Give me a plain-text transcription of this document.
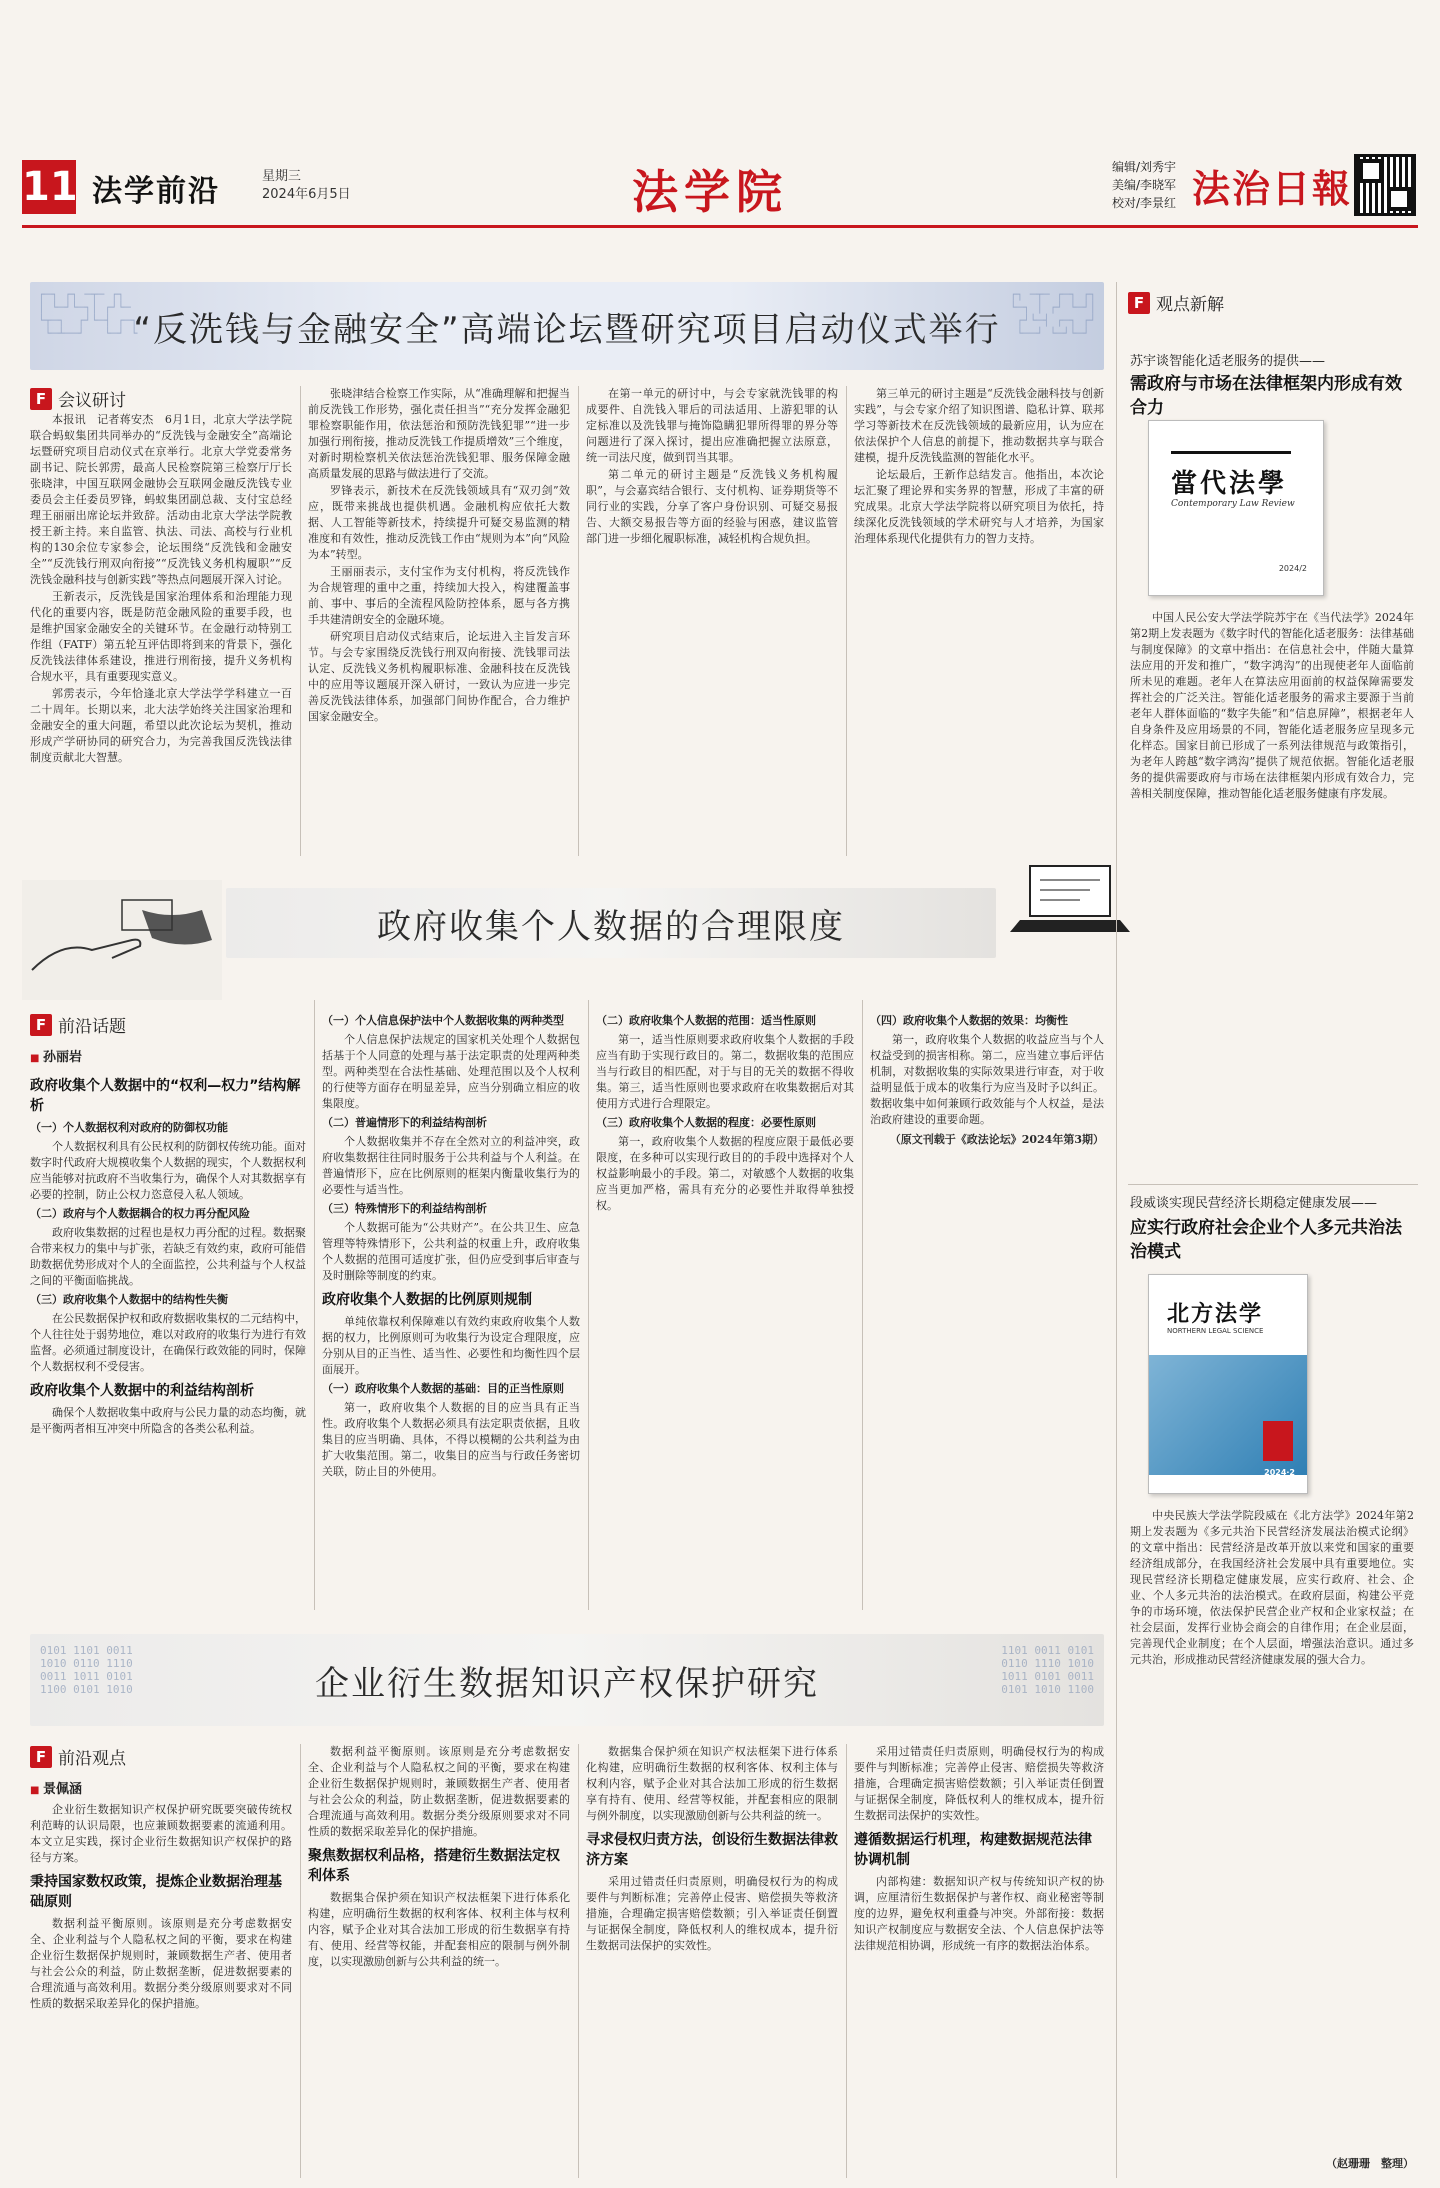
11 法学前沿	星期三
2024年6月5日	法学院	编辑/刘秀宇
美编/李晓军
校对/李景红 法治日報
┌─┐ ┌┐ ─┬─ ┌┐
│ └─┘└─┐│ ┌┘└─
└┬─┐  ┌┘└─┤ ┌─┐
└─┴──┘   └─┘ └
┌┐ ─┬─ ┌─┐ ┌┐
└─┐ │ ┌┘ └─┘│
┌┘└─┤ ┌─┐ ┌┘
└──┘ └─┘└─┘
“反洗钱与金融安全”高端论坛暨研究项目启动仪式举行
F 会议研讨

本报讯　记者蒋安杰　6月1日，北京大学法学院联合蚂蚁集团共同举办的“反洗钱与金融安全”高端论坛暨研究项目启动仪式在京举行。北京大学党委常务副书记、院长郭雳，最高人民检察院第三检察厅厅长张晓津，中国互联网金融协会互联网金融反洗钱专业委员会主任委员罗锋，蚂蚁集团副总裁、支付宝总经理王丽丽出席论坛并致辞。活动由北京大学法学院教授王新主持。来自监管、执法、司法、高校与行业机构的130余位专家参会，论坛围绕“反洗钱和金融安全”“反洗钱行刑双向衔接”“反洗钱义务机构履职”“反洗钱金融科技与创新实践”等热点问题展开深入讨论。

王新表示，反洗钱是国家治理体系和治理能力现代化的重要内容，既是防范金融风险的重要手段，也是维护国家金融安全的关键环节。在金融行动特别工作组（FATF）第五轮互评估即将到来的背景下，强化反洗钱法律体系建设，推进行刑衔接，提升义务机构合规水平，具有重要现实意义。

郭雳表示，今年恰逢北京大学法学学科建立一百二十周年。长期以来，北大法学始终关注国家治理和金融安全的重大问题，希望以此次论坛为契机，推动形成产学研协同的研究合力，为完善我国反洗钱法律制度贡献北大智慧。

张晓津结合检察工作实际，从“准确理解和把握当前反洗钱工作形势，强化责任担当”“充分发挥金融犯罪检察职能作用，依法惩治和预防洗钱犯罪”“进一步加强行刑衔接，推动反洗钱工作提质增效”三个维度，对新时期检察机关依法惩治洗钱犯罪、服务保障金融高质量发展的思路与做法进行了交流。

罗锋表示，新技术在反洗钱领域具有“双刃剑”效应，既带来挑战也提供机遇。金融机构应依托大数据、人工智能等新技术，持续提升可疑交易监测的精准度和有效性，推动反洗钱工作由“规则为本”向“风险为本”转型。

王丽丽表示，支付宝作为支付机构，将反洗钱作为合规管理的重中之重，持续加大投入，构建覆盖事前、事中、事后的全流程风险防控体系，愿与各方携手共建清朗安全的金融环境。

研究项目启动仪式结束后，论坛进入主旨发言环节。与会专家围绕反洗钱行刑双向衔接、洗钱罪司法认定、反洗钱义务机构履职标准、金融科技在反洗钱中的应用等议题展开深入研讨，一致认为应进一步完善反洗钱法律体系，加强部门间协作配合，合力维护国家金融安全。

在第一单元的研讨中，与会专家就洗钱罪的构成要件、自洗钱入罪后的司法适用、上游犯罪的认定标准以及洗钱罪与掩饰隐瞒犯罪所得罪的界分等问题进行了深入探讨，提出应准确把握立法原意，统一司法尺度，做到罚当其罪。

第二单元的研讨主题是“反洗钱义务机构履职”，与会嘉宾结合银行、支付机构、证券期货等不同行业的实践，分享了客户身份识别、可疑交易报告、大额交易报告等方面的经验与困惑，建议监管部门进一步细化履职标准，减轻机构合规负担。

第三单元的研讨主题是“反洗钱金融科技与创新实践”，与会专家介绍了知识图谱、隐私计算、联邦学习等新技术在反洗钱领域的最新应用，认为应在依法保护个人信息的前提下，推动数据共享与联合建模，提升反洗钱监测的智能化水平。

论坛最后，王新作总结发言。他指出，本次论坛汇聚了理论界和实务界的智慧，形成了丰富的研究成果。北京大学法学院将以研究项目为依托，持续深化反洗钱领域的学术研究与人才培养，为国家治理体系现代化提供有力的智力支持。

政府收集个人数据的合理限度
F 前沿话题
■ 孙丽岩
政府收集个人数据中的“权利—权力”结构解析
（一）个人数据权利对政府的防御权功能

个人数据权利具有公民权利的防御权传统功能。面对数字时代政府大规模收集个人数据的现实，个人数据权利应当能够对抗政府不当收集行为，确保个人对其数据享有必要的控制，防止公权力恣意侵入私人领域。

（二）政府与个人数据耦合的权力再分配风险

政府收集数据的过程也是权力再分配的过程。数据聚合带来权力的集中与扩张，若缺乏有效约束，政府可能借助数据优势形成对个人的全面监控，公共利益与个人权益之间的平衡面临挑战。

（三）政府收集个人数据中的结构性失衡

在公民数据保护权和政府数据收集权的二元结构中，个人往往处于弱势地位，难以对政府的收集行为进行有效监督。必须通过制度设计，在确保行政效能的同时，保障个人数据权利不受侵害。

政府收集个人数据中的利益结构剖析

确保个人数据收集中政府与公民力量的动态均衡，就是平衡两者相互冲突中所隐含的各类公私利益。

（一）个人信息保护法中个人数据收集的两种类型

个人信息保护法规定的国家机关处理个人数据包括基于个人同意的处理与基于法定职责的处理两种类型。两种类型在合法性基础、处理范围以及个人权利的行使等方面存在明显差异，应当分别确立相应的收集限度。

（二）普遍情形下的利益结构剖析

个人数据收集并不存在全然对立的利益冲突，政府收集数据往往同时服务于公共利益与个人利益。在普遍情形下，应在比例原则的框架内衡量收集行为的必要性与适当性。

（三）特殊情形下的利益结构剖析

个人数据可能为“公共财产”。在公共卫生、应急管理等特殊情形下，公共利益的权重上升，政府收集个人数据的范围可适度扩张，但仍应受到事后审查与及时删除等制度的约束。

政府收集个人数据的比例原则规制

单纯依靠权利保障难以有效约束政府收集个人数据的权力，比例原则可为收集行为设定合理限度，应分别从目的正当性、适当性、必要性和均衡性四个层面展开。

（一）政府收集个人数据的基础：目的正当性原则

第一，政府收集个人数据的目的应当具有正当性。政府收集个人数据必须具有法定职责依据，且收集目的应当明确、具体，不得以模糊的公共利益为由扩大收集范围。第二，收集目的应当与行政任务密切关联，防止目的外使用。

（二）政府收集个人数据的范围：适当性原则

第一，适当性原则要求政府收集个人数据的手段应当有助于实现行政目的。第二，数据收集的范围应当与行政目的相匹配，对于与目的无关的数据不得收集。第三，适当性原则也要求政府在收集数据后对其使用方式进行合理限定。

（三）政府收集个人数据的程度：必要性原则

第一，政府收集个人数据的程度应限于最低必要限度，在多种可以实现行政目的的手段中选择对个人权益影响最小的手段。第二，对敏感个人数据的收集应当更加严格，需具有充分的必要性并取得单独授权。

（四）政府收集个人数据的效果：均衡性

第一，政府收集个人数据的收益应当与个人权益受到的损害相称。第二，应当建立事后评估机制，对数据收集的实际效果进行审查，对于收益明显低于成本的收集行为应当及时予以纠正。数据收集中如何兼顾行政效能与个人权益，是法治政府建设的重要命题。

（原文刊载于《政法论坛》2024年第3期）
0101 1101 0011
1010 0110 1110
0011 1011 0101
1100 0101 1010
1101 0011 0101
0110 1110 1010
1011 0101 0011
0101 1010 1100
企业衍生数据知识产权保护研究
F 前沿观点
■ 景佩涵

企业衍生数据知识产权保护研究既要突破传统权利范畴的认识局限，也应兼顾数据要素的流通利用。本文立足实践，探讨企业衍生数据知识产权保护的路径与方案。

秉持国家数权政策，提炼企业数据治理基础原则

数据利益平衡原则。该原则是充分考虑数据安全、企业利益与个人隐私权之间的平衡，要求在构建企业衍生数据保护规则时，兼顾数据生产者、使用者与社会公众的利益，防止数据垄断，促进数据要素的合理流通与高效利用。数据分类分级原则要求对不同性质的数据采取差异化的保护措施。

数据利益平衡原则。该原则是充分考虑数据安全、企业利益与个人隐私权之间的平衡，要求在构建企业衍生数据保护规则时，兼顾数据生产者、使用者与社会公众的利益，防止数据垄断，促进数据要素的合理流通与高效利用。数据分类分级原则要求对不同性质的数据采取差异化的保护措施。

聚焦数据权利品格，搭建衍生数据法定权利体系

数据集合保护须在知识产权法框架下进行体系化构建，应明确衍生数据的权利客体、权利主体与权利内容，赋予企业对其合法加工形成的衍生数据享有持有、使用、经营等权能，并配套相应的限制与例外制度，以实现激励创新与公共利益的统一。

数据集合保护须在知识产权法框架下进行体系化构建，应明确衍生数据的权利客体、权利主体与权利内容，赋予企业对其合法加工形成的衍生数据享有持有、使用、经营等权能，并配套相应的限制与例外制度，以实现激励创新与公共利益的统一。

寻求侵权归责方法，创设衍生数据法律救济方案

采用过错责任归责原则，明确侵权行为的构成要件与判断标准；完善停止侵害、赔偿损失等救济措施，合理确定损害赔偿数额；引入举证责任倒置与证据保全制度，降低权利人的维权成本，提升衍生数据司法保护的实效性。

采用过错责任归责原则，明确侵权行为的构成要件与判断标准；完善停止侵害、赔偿损失等救济措施，合理确定损害赔偿数额；引入举证责任倒置与证据保全制度，降低权利人的维权成本，提升衍生数据司法保护的实效性。

遵循数据运行机理，构建数据规范法律协调机制

内部构建：数据知识产权与传统知识产权的协调，应厘清衍生数据保护与著作权、商业秘密等制度的边界，避免权利重叠与冲突。外部衔接：数据知识产权制度应与数据安全法、个人信息保护法等法律规范相协调，形成统一有序的数据法治体系。

F 观点新解
苏宇谈智能化适老服务的提供——
需政府与市场在法律框架内形成有效合力
當代法學
Contemporary Law Review
2024/2

中国人民公安大学法学院苏宇在《当代法学》2024年第2期上发表题为《数字时代的智能化适老服务：法律基础与制度保障》的文章中指出：在信息社会中，伴随大量算法应用的开发和推广，“数字鸿沟”的出现使老年人面临前所未见的难题。老年人在算法应用面前的权益保障需要发挥社会的广泛关注。智能化适老服务的需求主要源于当前老年人群体面临的“数字失能”和“信息屏障”，根据老年人自身条件及应用场景的不同，智能化适老服务应呈现多元化样态。国家目前已形成了一系列法律规范与政策指引，为老年人跨越“数字鸿沟”提供了规范依据。智能化适老服务的提供需要政府与市场在法律框架内形成有效合力，完善相关制度保障，推动智能化适老服务健康有序发展。

段威谈实现民营经济长期稳定健康发展——
应实行政府社会企业个人多元共治法治模式
北方法学
NORTHERN LEGAL SCIENCE
2024·2

中央民族大学法学院段威在《北方法学》2024年第2期上发表题为《多元共治下民营经济发展法治模式论纲》的文章中指出：民营经济是改革开放以来党和国家的重要经济组成部分，在我国经济社会发展中具有重要地位。实现民营经济长期稳定健康发展，应实行政府、社会、企业、个人多元共治的法治模式。在政府层面，构建公平竞争的市场环境，依法保护民营企业产权和企业家权益；在社会层面，发挥行业协会商会的自律作用；在企业层面，完善现代企业制度；在个人层面，增强法治意识。通过多元共治，形成推动民营经济健康发展的强大合力。

（赵珊珊　整理）
